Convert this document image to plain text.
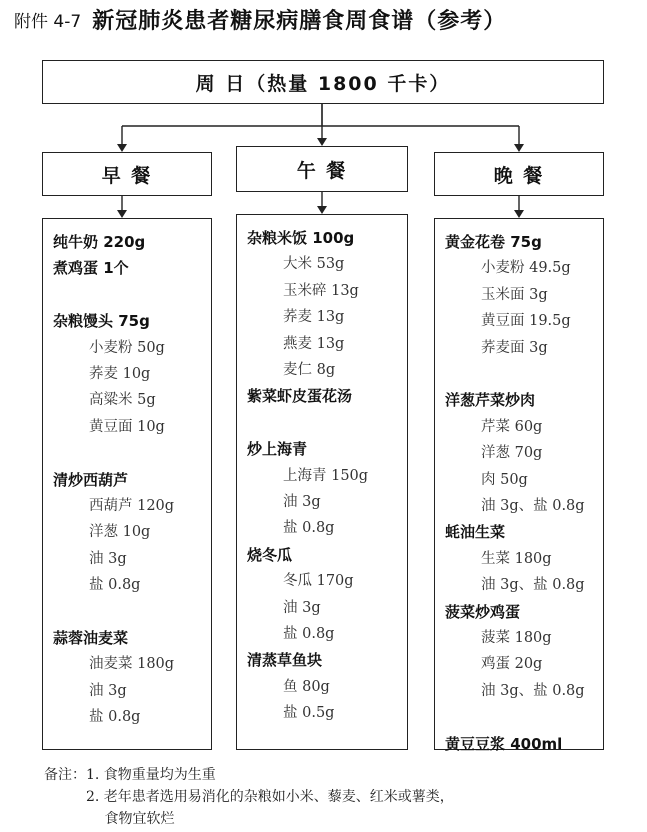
附件 4-7 新冠肺炎患者糖尿病膳食周食谱（参考）
周 日（热量 1800 千卡）
早 餐	午 餐	晚 餐
纯牛奶 220g
煮鸡蛋 1个
杂粮馒头 75g
小麦粉 50g
荞麦 10g
高粱米 5g
黄豆面 10g
清炒西葫芦
西葫芦 120g
洋葱 10g
油 3g
盐 0.8g
蒜蓉油麦菜
油麦菜 180g
油 3g
盐 0.8g
杂粮米饭 100g
大米 53g
玉米碎 13g
荞麦 13g
燕麦 13g
麦仁 8g
紫菜虾皮蛋花汤
炒上海青
上海青 150g
油 3g
盐 0.8g
烧冬瓜
冬瓜 170g
油 3g
盐 0.8g
清蒸草鱼块
鱼 80g
盐 0.5g
黄金花卷 75g
小麦粉 49.5g
玉米面 3g
黄豆面 19.5g
荞麦面 3g
洋葱芹菜炒肉
芹菜 60g
洋葱 70g
肉 50g
油 3g、盐 0.8g
蚝油生菜
生菜 180g
油 3g、盐 0.8g
菠菜炒鸡蛋
菠菜 180g
鸡蛋 20g
油 3g、盐 0.8g
黄豆豆浆 400ml
备注：1. 食物重量均为生重
　　　2. 老年患者选用易消化的杂粮如小米、藜麦、红米或薯类，
　　　　 食物宜软烂
